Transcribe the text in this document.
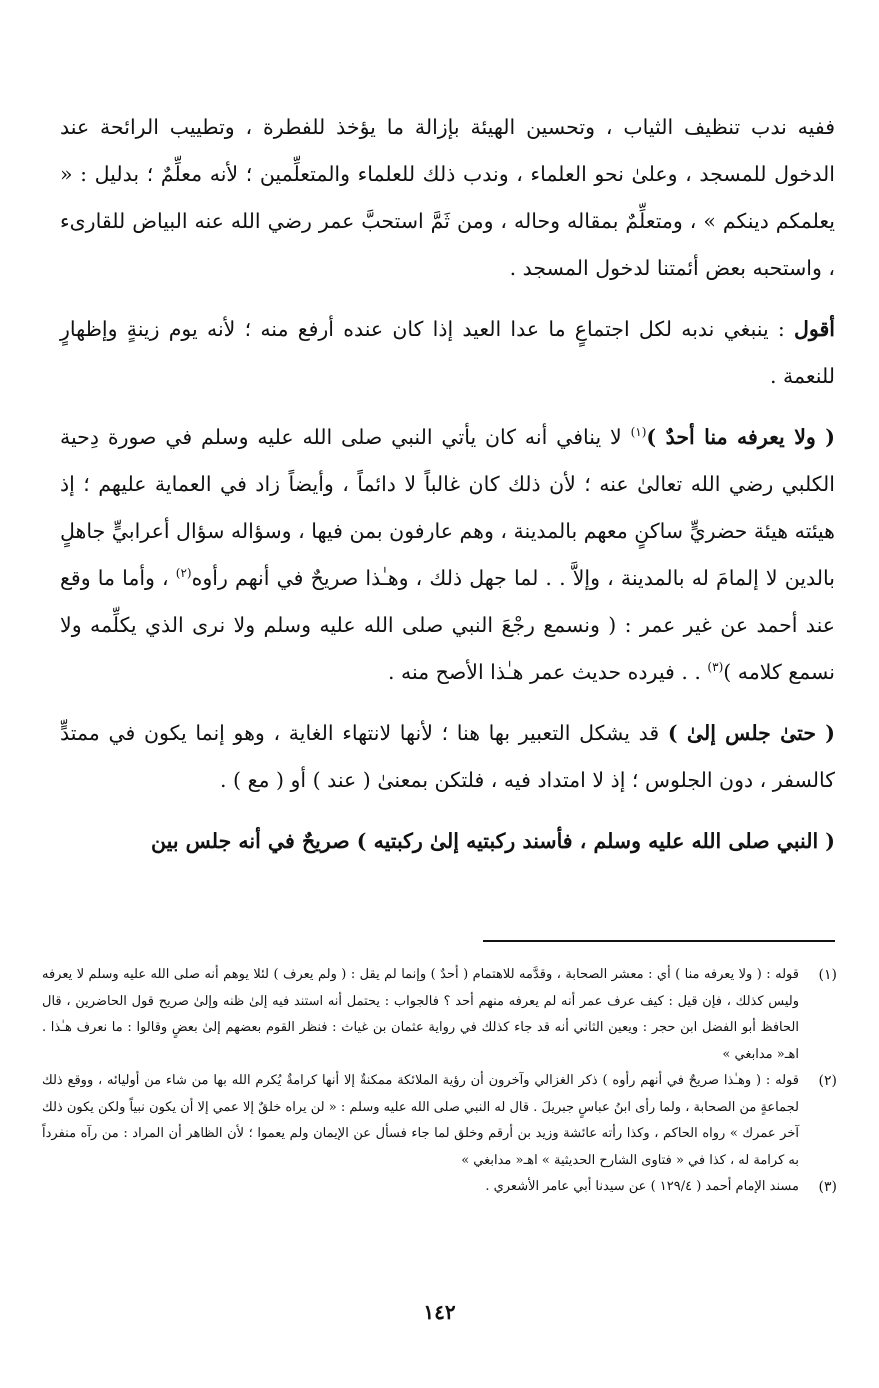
ففيه ندب تنظيف الثياب ، وتحسين الهيئة بإزالة ما يؤخذ للفطرة ، وتطييب الرائحة عند الدخول للمسجد ، وعلىٰ نحو العلماء ، وندب ذلك للعلماء والمتعلِّمين ؛ لأنه معلِّمٌ ؛ بدليل : « يعلمكم دينكم » ، ومتعلِّمٌ بمقاله وحاله ، ومن ثَمَّ استحبَّ عمر رضي الله عنه البياض للقارىء ، واستحبه بعض أئمتنا لدخول المسجد .

أقول : ينبغي ندبه لكل اجتماعٍ ما عدا العيد إذا كان عنده أرفع منه ؛ لأنه يوم زينةٍ وإظهارٍ للنعمة .

( ولا يعرفه منا أحدٌ )$^{(١)}$ لا ينافي أنه كان يأتي النبي صلى الله عليه وسلم في صورة دِحية الكلبي رضي الله تعالىٰ عنه ؛ لأن ذلك كان غالباً لا دائماً ، وأيضاً زاد في العماية عليهم ؛ إذ هيئته هيئة حضريٍّ ساكنٍ معهم بالمدينة ، وهم عارفون بمن فيها ، وسؤاله سؤال أعرابيٍّ جاهلٍ بالدين لا إلمامَ له بالمدينة ، وإلاَّ . . لما جهل ذلك ، وهـٰذا صريحٌ في أنهم رأوه$^{(٢)}$ ، وأما ما وقع عند أحمد عن غير عمر : ( ونسمع رجْعَ النبي صلى الله عليه وسلم ولا نرى الذي يكلِّمه ولا نسمع كلامه )$^{(٣)}$ . . فيرده حديث عمر هـٰذا الأصح منه .

( حتىٰ جلس إلىٰ ) قد يشكل التعبير بها هنا ؛ لأنها لانتهاء الغاية ، وهو إنما يكون في ممتدٍّ كالسفر ، دون الجلوس ؛ إذ لا امتداد فيه ، فلتكن بمعنىٰ ( عند ) أو ( مع ) .

( النبي صلى الله عليه وسلم ، فأسند ركبتيه إلىٰ ركبتيه ) صريحٌ في أنه جلس بين

(١)
قوله : ( ولا يعرفه منا ) أي : معشر الصحابة ، وقدَّمه للاهتمام ( أحدٌ ) وإنما لم يقل : ( ولم يعرف ) لئلا يوهم أنه صلى الله عليه وسلم لا يعرفه وليس كذلك ، فإن قيل : كيف عرف عمر أنه لم يعرفه منهم أحد ؟ فالجواب : يحتمل أنه استند فيه إلىٰ ظنه وإلىٰ صريح قول الحاضرين ، قال الحافظ أبو الفضل ابن حجر : ويعين الثاني أنه قد جاء كذلك في رواية عثمان بن غياث : فنظر القوم بعضهم إلىٰ بعضٍ وقالوا : ما نعرف هـٰذا . اهـ« مدابغي »
(٢)
قوله : ( وهـٰذا صريحٌ في أنهم رأوه ) ذكر الغزالي وآخرون أن رؤية الملائكة ممكنةٌ إلا أنها كرامةٌ يُكرم الله بها من شاء من أوليائه ، ووقع ذلك لجماعةٍ من الصحابة ، ولما رأى ابنُ عباسٍ جبريلَ . قال له النبي صلى الله عليه وسلم : « لن يراه خلقٌ إلا عمي إلا أن يكون نبياً ولكن يكون ذلك آخر عمرك » رواه الحاكم ، وكذا رأته عائشة وزيد بن أرقم وخلق لما جاء فسأل عن الإيمان ولم يعموا ؛ لأن الظاهر أن المراد : من رآه منفرداً به كرامة له ، كذا في « فتاوى الشارح الحديثية » اهـ« مدابغي »
(٣)
مسند الإمام أحمد ( ١٢٩/٤ ) عن سيدنا أبي عامر الأشعري .
١٤٢
